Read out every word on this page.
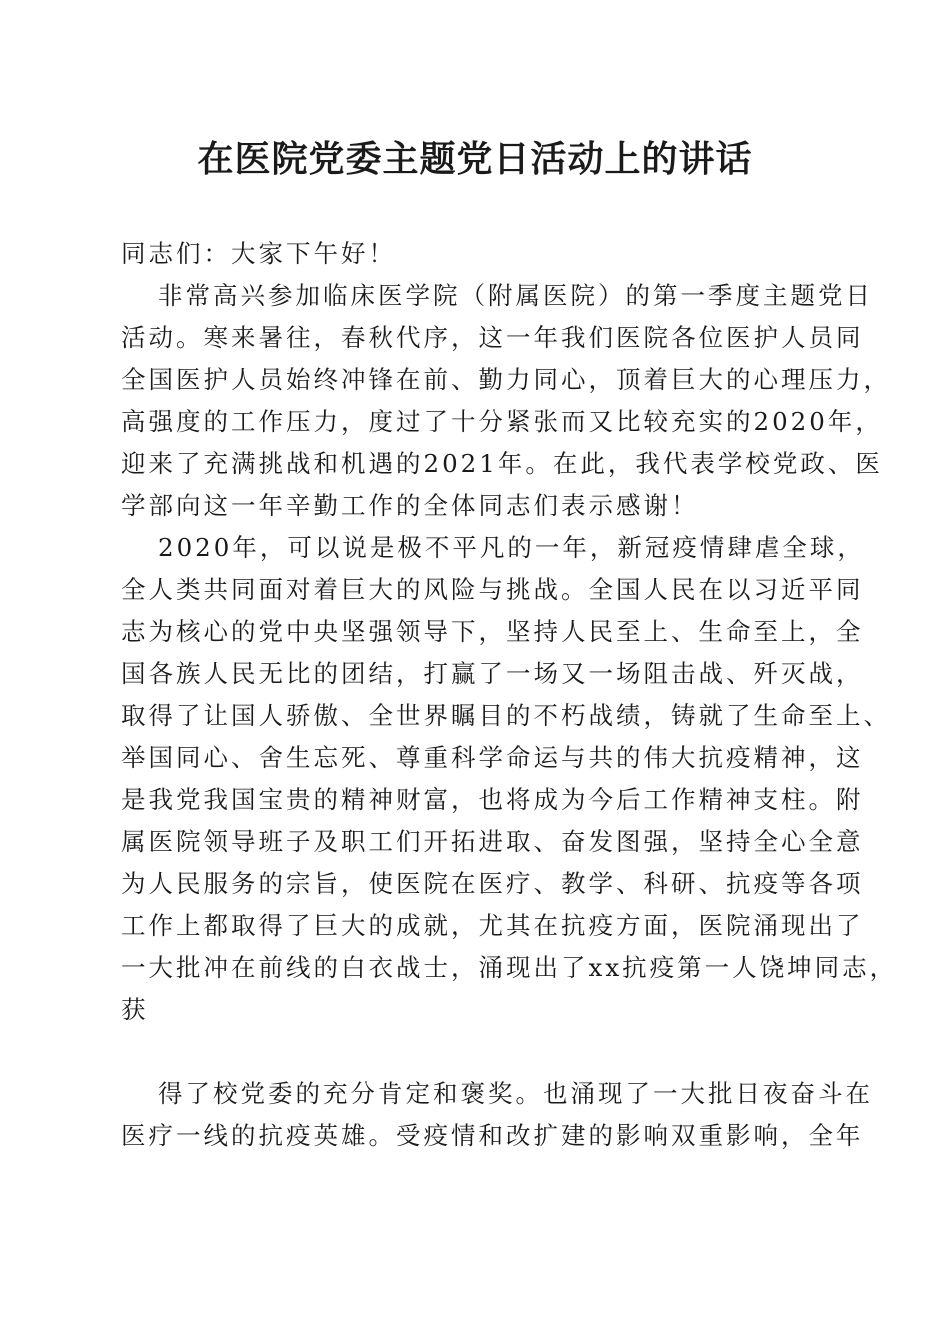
在医院党委主题党日活动上的讲话
同志们：大家下午好！
非常高兴参加临床医学院（附属医院）的第一季度主题党日
活动。寒来暑往，春秋代序，这一年我们医院各位医护人员同
全国医护人员始终冲锋在前、勤力同心，顶着巨大的心理压力，
高强度的工作压力，度过了十分紧张而又比较充实的2020年，
迎来了充满挑战和机遇的2021年。在此，我代表学校党政、医
学部向这一年辛勤工作的全体同志们表示感谢！
2020年，可以说是极不平凡的一年，新冠疫情肆虐全球，
全人类共同面对着巨大的风险与挑战。全国人民在以习近平同
志为核心的党中央坚强领导下，坚持人民至上、生命至上，全
国各族人民无比的团结，打赢了一场又一场阻击战、歼灭战，
取得了让国人骄傲、全世界瞩目的不朽战绩，铸就了生命至上、
举国同心、舍生忘死、尊重科学命运与共的伟大抗疫精神，这
是我党我国宝贵的精神财富，也将成为今后工作精神支柱。附
属医院领导班子及职工们开拓进取、奋发图强，坚持全心全意
为人民服务的宗旨，使医院在医疗、教学、科研、抗疫等各项
工作上都取得了巨大的成就，尤其在抗疫方面，医院涌现出了
一大批冲在前线的白衣战士，涌现出了xx抗疫第一人饶坤同志，
获
得了校党委的充分肯定和褒奖。也涌现了一大批日夜奋斗在
医疗一线的抗疫英雄。受疫情和改扩建的影响双重影响，全年
